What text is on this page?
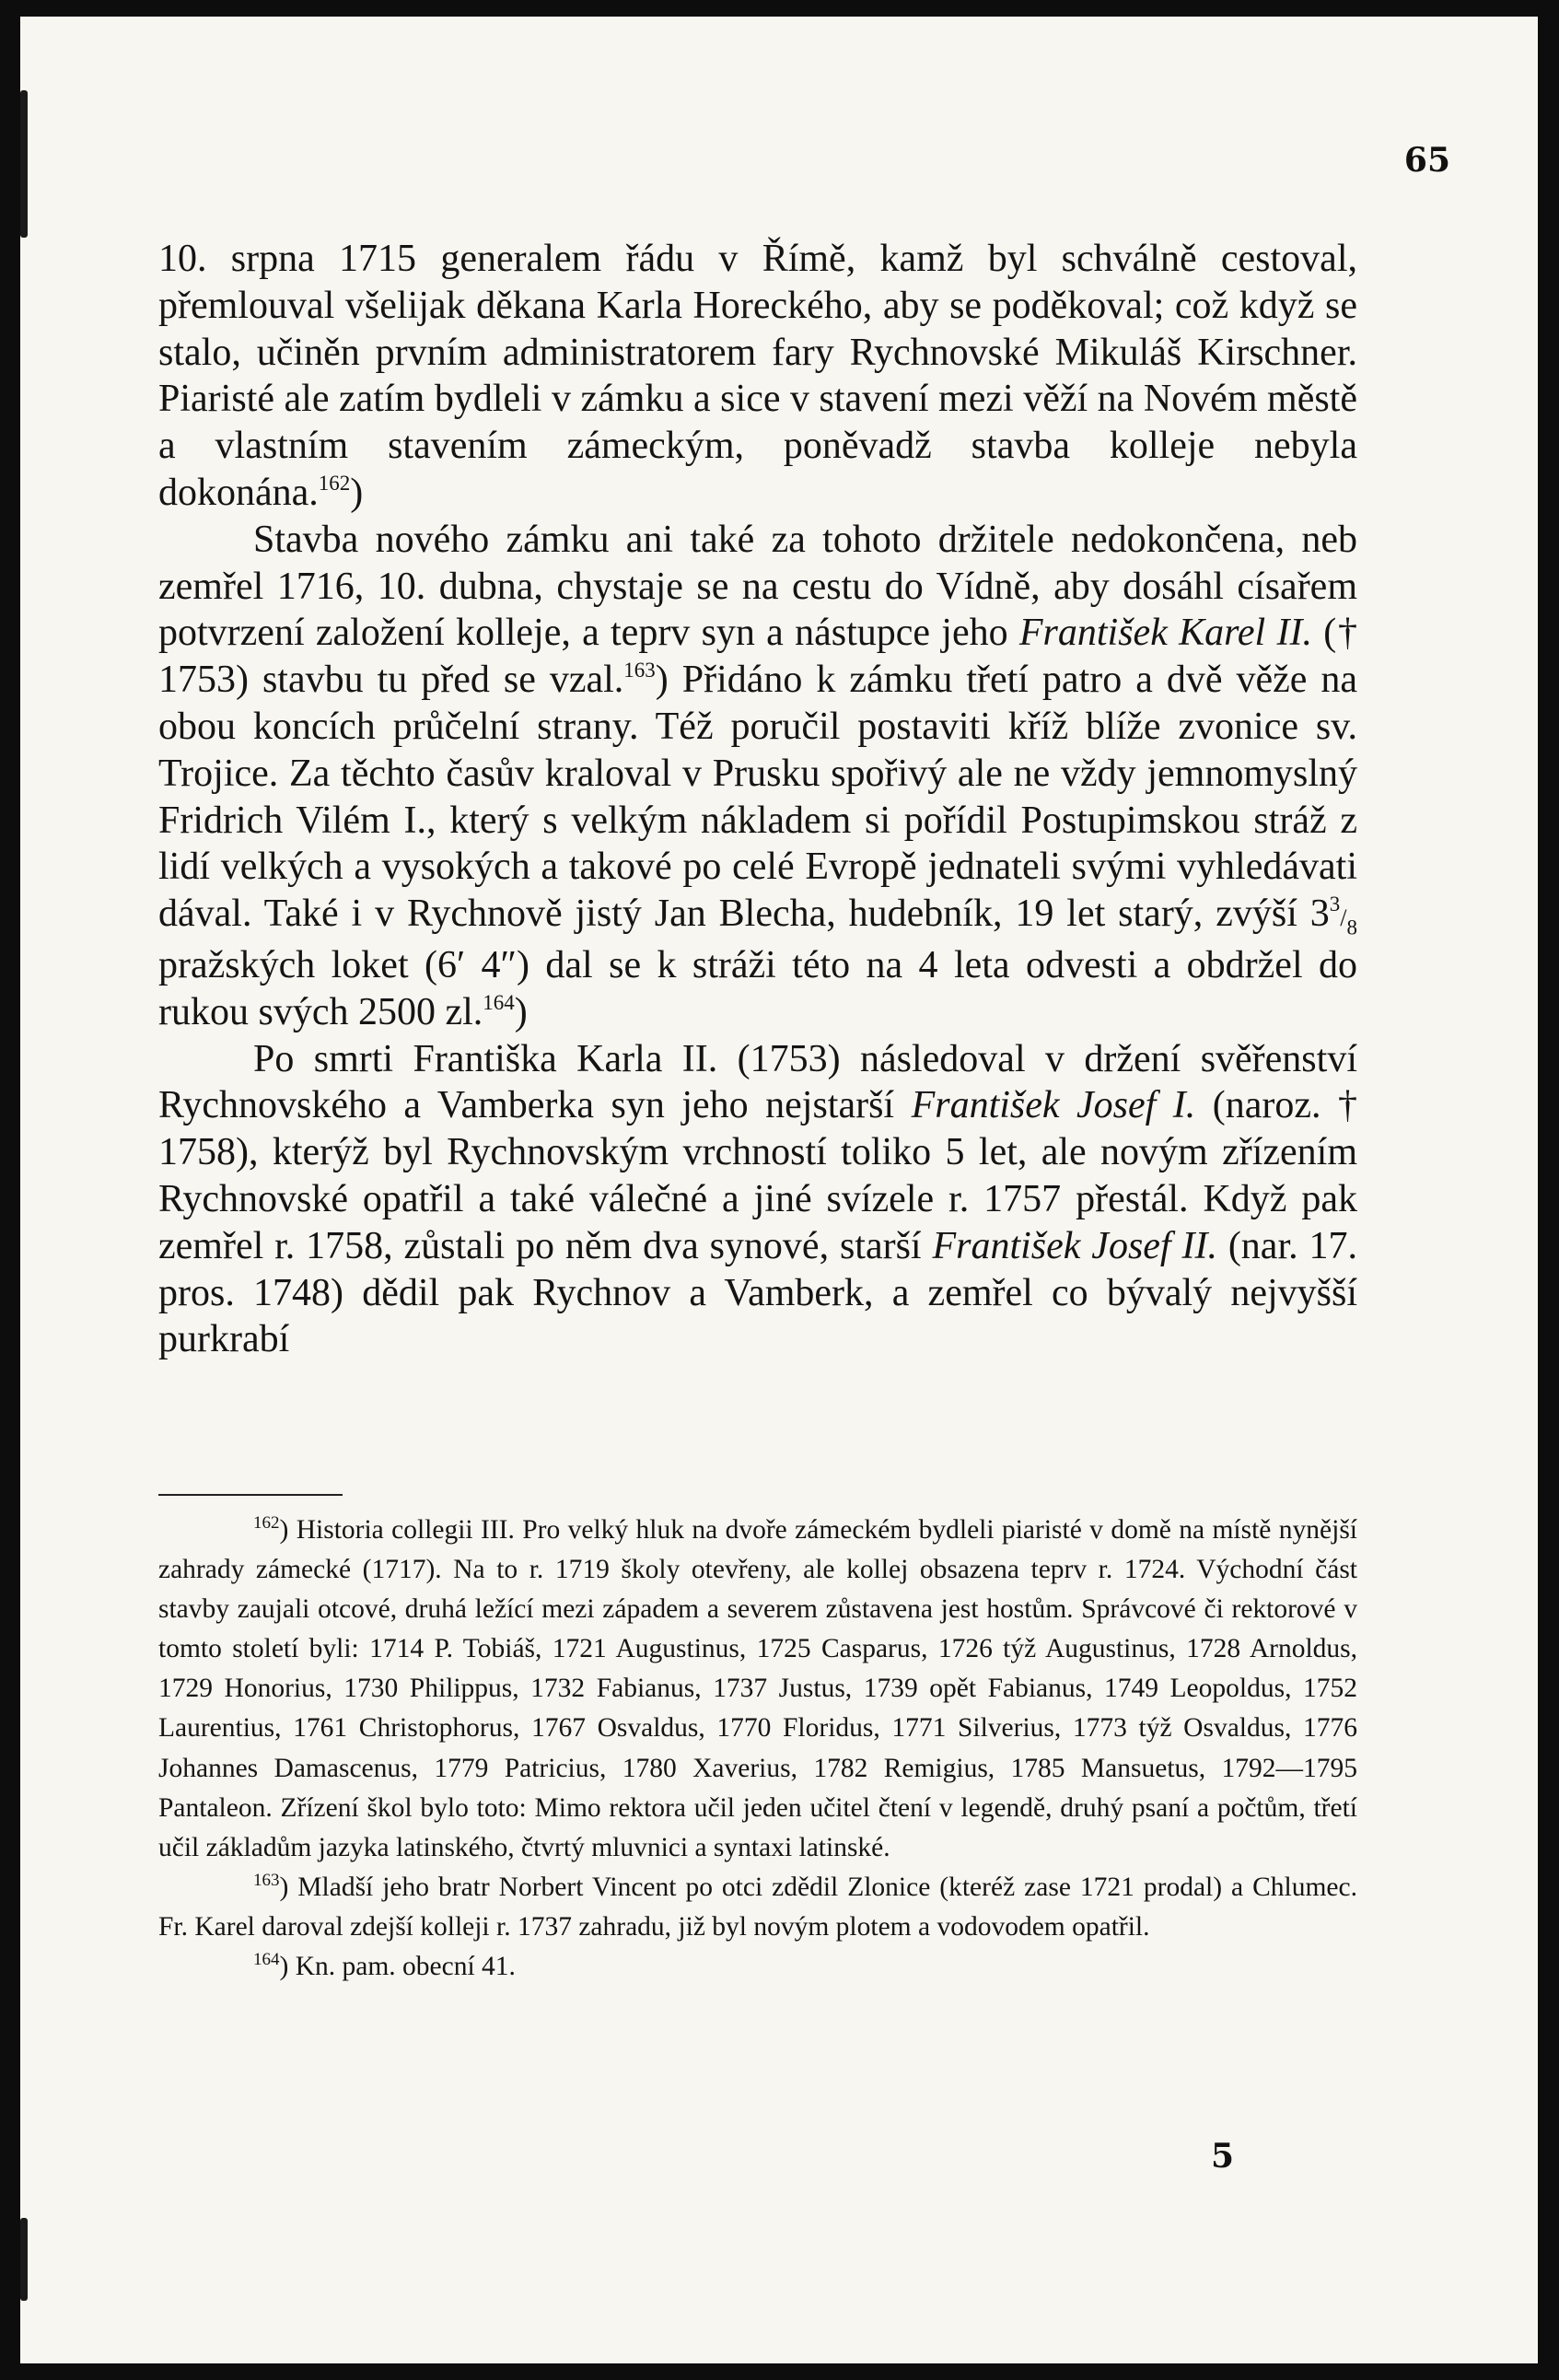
65

10. srpna 1715 generalem řádu v Římě, kamž byl schválně cestoval, přemlouval všelijak děkana Karla Horeckého, aby se poděkoval; což když se stalo, učiněn prvním administratorem fary Rychnovské Mikuláš Kirschner. Piaristé ale zatím bydleli v zámku a sice v stavení mezi věží na Novém městě a vlastním stavením zámeckým, poněvadž stavba kolleje nebyla dokonána.$^{162}$)

Stavba nového zámku ani také za tohoto držitele nedokončena, neb zemřel 1716, 10. dubna, chystaje se na cestu do Vídně, aby dosáhl císařem potvrzení založení kolleje, a teprv syn a nástupce jeho František Karel II. († 1753) stavbu tu před se vzal.$^{163}$) Přidáno k zámku třetí patro a dvě věže na obou koncích průčelní strany. Též poručil postaviti kříž blíže zvonice sv. Trojice. Za těchto časův kraloval v Prusku spořivý ale ne vždy jemnomyslný Fridrich Vilém I., který s velkým nákladem si pořídil Postupimskou stráž z lidí velkých a vysokých a takové po celé Evropě jednateli svými vyhledávati dával. Také i v Rychnově jistý Jan Blecha, hudebník, 19 let starý, zvýší $3^3/_8$ pražských loket (6′ 4″) dal se k stráži této na 4 leta odvesti a obdržel do rukou svých 2500 zl.$^{164}$)

Po smrti Františka Karla II. (1753) následoval v držení svěřenství Rychnovského a Vamberka syn jeho nejstarší František Josef I. (naroz. † 1758), kterýž byl Rychnovským vrchností toliko 5 let, ale novým zřízením Rychnovské opatřil a také válečné a jiné svízele r. 1757 přestál. Když pak zemřel r. 1758, zůstali po něm dva synové, starší František Josef II. (nar. 17. pros. 1748) dědil pak Rychnov a Vamberk, a zemřel co bývalý nejvyšší purkrabí

$^{162}$) Historia collegii III. Pro velký hluk na dvoře zámeckém bydleli piaristé v domě na místě nynější zahrady zámecké (1717). Na to r. 1719 školy otevřeny, ale kollej obsazena teprv r. 1724. Východní část stavby zaujali otcové, druhá ležící mezi západem a severem zůstavena jest hostům. Správcové či rektorové v tomto století byli: 1714 P. Tobiáš, 1721 Augustinus, 1725 Casparus, 1726 týž Augustinus, 1728 Arnoldus, 1729 Honorius, 1730 Philippus, 1732 Fabianus, 1737 Justus, 1739 opět Fabianus, 1749 Leopoldus, 1752 Laurentius, 1761 Christophorus, 1767 Osvaldus, 1770 Floridus, 1771 Silverius, 1773 týž Osvaldus, 1776 Johannes Damascenus, 1779 Patricius, 1780 Xaverius, 1782 Remigius, 1785 Mansuetus, 1792—1795 Pantaleon. Zřízení škol bylo toto: Mimo rektora učil jeden učitel čtení v legendě, druhý psaní a počtům, třetí učil základům jazyka latinského, čtvrtý mluvnici a syntaxi latinské.

$^{163}$) Mladší jeho bratr Norbert Vincent po otci zdědil Zlonice (kteréž zase 1721 prodal) a Chlumec. Fr. Karel daroval zdejší kolleji r. 1737 zahradu, již byl novým plotem a vodovodem opatřil.

$^{164}$) Kn. pam. obecní 41.

5
